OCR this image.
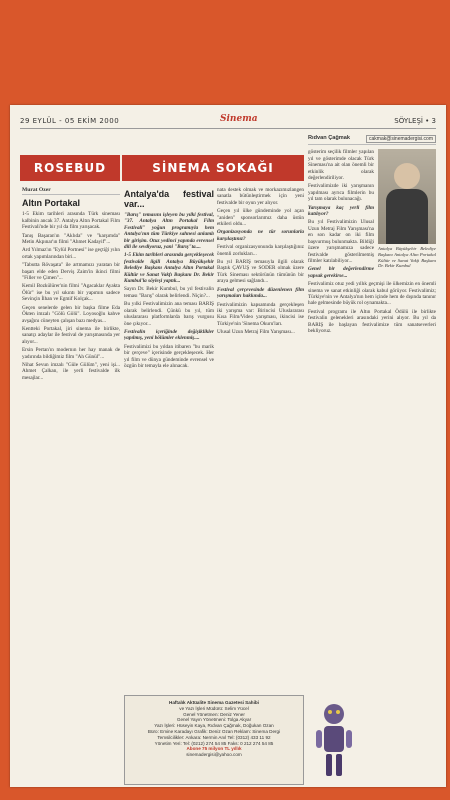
29 EYLÜL - 05 EKİM 2000	Sinema	SÖYLEŞİ • 3
ROSEBUD	SİNEMA SOKAĞI
Murat Özer
Altın Portakal

1-5 Ekim tarihleri arasında Türk sineması kalbinin ancak 37. Antalya Altın Portakal Film Festivali'nde bir yıl da film yarışacak.

Tanış Başaran'ın "Aklıda" ve "karşımda" Metin Akpınar'ın filmi "Ahmet Kadayif"...

Ard Yılmaz'ın "Eylül Portnesi" ise geçtiği yılın ortak yapımlarından biri...

"Tabutta Rövaşata" ile artmamızı yaratan bir başarı elde eden Derviş Zaim'in ikinci filmi "Filler ve Çimen"...

Kemil Bozkülürer'nin filmi "Agacaklar Ayakta Ölür" ise bu yıl sıkıntı bir yapımın sadece Sevinçin İlhan ve Egmif Kolçak...

Geçen senelerde gelen bir başka filme Eda Ökten imzalı "Gölü Gölü". Loyosoğlu kahve avşağını cüneyten çalışan bazı medyas...

Kentteki Portakal, jiri sinema ile birlikte, sanatçı adaylar ile festival de yarışmasında yer alıyor...

Ersin Pertan'ın modernın her hay manak de yadırında bildiğimiz film "Ah Günül"...

Nihat Sevun imzalı "Güle Gülüm", yeni işi... Ahmet Çalkan, ile yerli festivalde ilk mesajlar...

Antalya'da festival var...

"Barış" temasını işleyen bu yılki festival, "37. Antalya Altın Portakal Film Festivali" yoğun programıyla hem Antalya'nın tüm Türkiye sahnesi anlamlı bir girişim. Otuz yedinci yapında evrensel dili ile sevdiyoruz, yani "Barış"ta....

1-5 Ekim tarihleri arasında gerçekleşecek festivalde ilgili Antalya Büyükşehir Belediye Başkanı Antalya Altın Portakal Kültür ve Sanat Vakfı Başkanı Dr. Bekir Kumbul'la söyleşi yaptık...

Sayın Dr. Bekir Kumbul, bu yıl festivalin teması "Barış" olarak belirlendi. Niçin?...

Bu yılki Festivalimizin ana teması BARIŞ olarak belirlendi. Çünkü bu yıl, tüm uluslararası platformlarda barış vurgusu öne çıkıyor...

Festivalin içeriğinde değişiklikler yapılmış, yeni bölümler eklenmiş....

Festivalimizi bu yıldan itibaren "bu marik bir çerçeve" içerisinde gerçekleşecek. Her yıl film ve dünya gündeminde evrensel ve özgün bir temayla ele alınacak.

nata destek olmak ve morkazımızlangen sanatla bütünleştirmek için yeni festivalde bir oyun yer alıyor.

Geçen yıl ülke gündeminde yol açan "aniden" sponsorlarımız daha üstün etkileri oldu...

Organizasyonda ne tür sorunlarla karşılaştınız?

Festival organizasyonunda karşılaştığınız önemli zorlukları...

Bu yıl BARIŞ temasıyla ilgili olarak Baştık ÇAVUŞ ve SODER olmak üzere Türk Sineması sektörünün tümünün bir araya gelmesi sağlandı...

Festival çerçevesinde düzenlenen film yarışmaları hakkında...

Festivalimizin kapsamında gerçekleşen iki yarışma var: Birincisi Uluslararası Kısa Film/Video yarışması, ikincisi ise Türkiye'nin 'Sinema Okuru'ları.

Ulusal Uzun Metraj Film Yarışması...

Rıdvan Çağmak	cakmak@sinemadergisi.com
Antalya Büyükşehir Belediye Başkanı Antalya Altın Portakal Kültür ve Sanat Vakfı Başkanı Dr. Bekir Kumbul

gösterim seçilik filmler yapılan yıl ve gösterimde olacak Türk Sineması'na ait olan önemli bir etkinlik olarak değerlendiriliyor.

Festivalimizde iki yarışmanın yapılması ayrıca filmlerin bu yıl tam olarak bulunacağı.

Yarışmaya kaç yerli film katılıyor?

Bu yıl Festivalimizin Ulusal Uzun Metraj Film Yarışması'na en son kadar on iki film başvurmuş bulunmakta. Bildiği üzere yarışmamıza sadece festivalde gösterilmemiş filmler katılabiliyor...

Genel bir değerlendirme yapsak gerekirse...

Festivalimiz otuz yedi yıllık geçmişi ile ülkemizin en önemli sinema ve sanat etkinliği olarak kabul görüyor. Festivalimiz; Türkiye'nin ve Antalya'nın hem içinde hem de dışında tanınır hale gelmesinde büyük rol oynamakta...

Festival programı ile Altın Portakal Ödülü ile birlikte festivalin gelenekleri arasındaki yerini alıyor. Bu yıl da BARIŞ ile başlayan festivalimize tüm sanatseverleri bekliyoruz.

Haftalık Aktüalite Sinema Gazetesi Sahibi
ve Yazı İşleri Müdürü: Selim Yücel
Genel Yönetmen: Deniz Yener
Genel Yayın Yönetmeni: Tolga Akyar
Yazı İşleri: Hüseyin Kaya, Rıdvan Çağmak, Doğukan Ozan
Büro: Emine Karadayı Grafik: Deniz Ozan Reklam: Sinema Dergi
Temsilcilikler: Ankara: Nermin Anıl Tel: (0312) 433 11 92
Yönetim Yeri: Tel: (0212) 274 54 85 Faks: 0 212 274 54 85
Abone 75 milyon TL yıllık
sinemadergisi@yahoo.com
